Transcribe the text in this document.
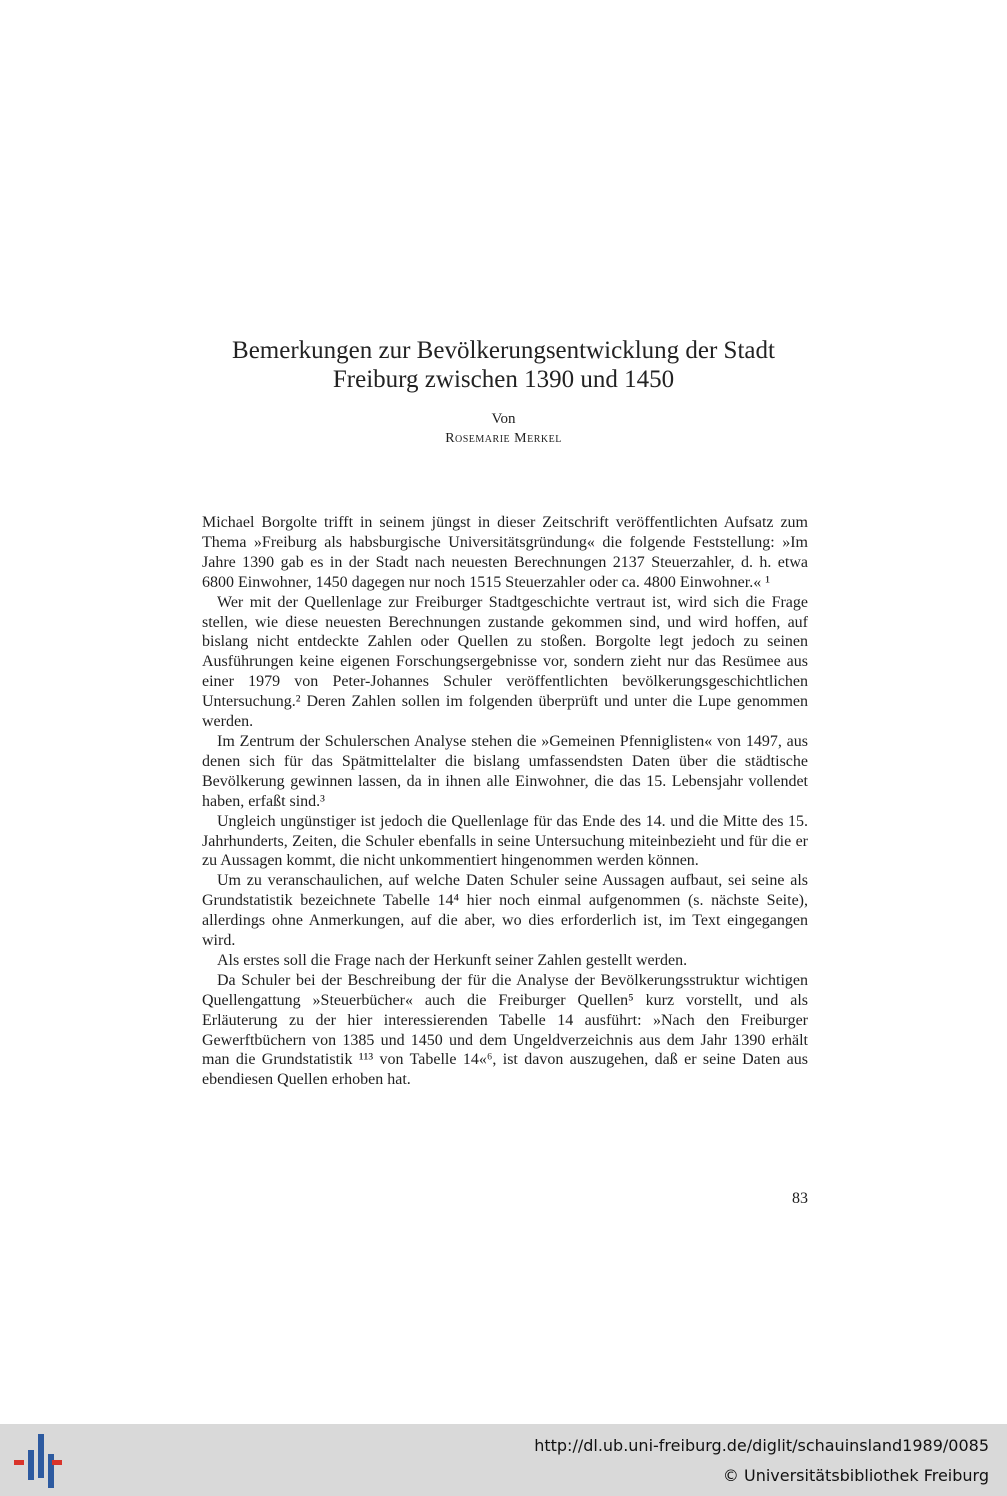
Bemerkungen zur Bevölkerungsentwicklung der Stadt
Freiburg zwischen 1390 und 1450
Von
Rosemarie Merkel

Michael Borgolte trifft in seinem jüngst in dieser Zeitschrift veröffentlichten Aufsatz zum Thema »Freiburg als habsburgische Universitätsgründung« die folgende Feststellung: »Im Jahre 1390 gab es in der Stadt nach neuesten Berechnungen 2137 Steuerzahler, d. h. etwa 6800 Einwohner, 1450 dagegen nur noch 1515 Steuerzahler oder ca. 4800 Einwohner.« ¹

Wer mit der Quellenlage zur Freiburger Stadtgeschichte vertraut ist, wird sich die Frage stellen, wie diese neuesten Berechnungen zustande gekommen sind, und wird hoffen, auf bislang nicht entdeckte Zahlen oder Quellen zu stoßen. Borgolte legt jedoch zu seinen Ausführungen keine eigenen Forschungsergebnisse vor, sondern zieht nur das Resümee aus einer 1979 von Peter-Johannes Schuler veröffentlichten bevölkerungsgeschichtlichen Untersuchung.² Deren Zahlen sollen im folgenden überprüft und unter die Lupe genommen werden.

Im Zentrum der Schulerschen Analyse stehen die »Gemeinen Pfenniglisten« von 1497, aus denen sich für das Spätmittelalter die bislang umfassendsten Daten über die städtische Bevölkerung gewinnen lassen, da in ihnen alle Einwohner, die das 15. Lebensjahr vollendet haben, erfaßt sind.³

Ungleich ungünstiger ist jedoch die Quellenlage für das Ende des 14. und die Mitte des 15. Jahrhunderts, Zeiten, die Schuler ebenfalls in seine Untersuchung miteinbezieht und für die er zu Aussagen kommt, die nicht unkommentiert hingenommen werden können.

Um zu veranschaulichen, auf welche Daten Schuler seine Aussagen aufbaut, sei seine als Grundstatistik bezeichnete Tabelle 14⁴ hier noch einmal aufgenommen (s. nächste Seite), allerdings ohne Anmerkungen, auf die aber, wo dies erforderlich ist, im Text eingegangen wird.

Als erstes soll die Frage nach der Herkunft seiner Zahlen gestellt werden.

Da Schuler bei der Beschreibung der für die Analyse der Bevölkerungsstruktur wichtigen Quellengattung »Steuerbücher« auch die Freiburger Quellen⁵ kurz vorstellt, und als Erläuterung zu der hier interessierenden Tabelle 14 ausführt: »Nach den Freiburger Gewerftbüchern von 1385 und 1450 und dem Ungeldverzeichnis aus dem Jahr 1390 erhält man die Grundstatistik ¹¹³ von Tabelle 14«⁶, ist davon auszugehen, daß er seine Daten aus ebendiesen Quellen erhoben hat.

83
http://dl.ub.uni-freiburg.de/diglit/schauinsland1989/0085
© Universitätsbibliothek Freiburg
